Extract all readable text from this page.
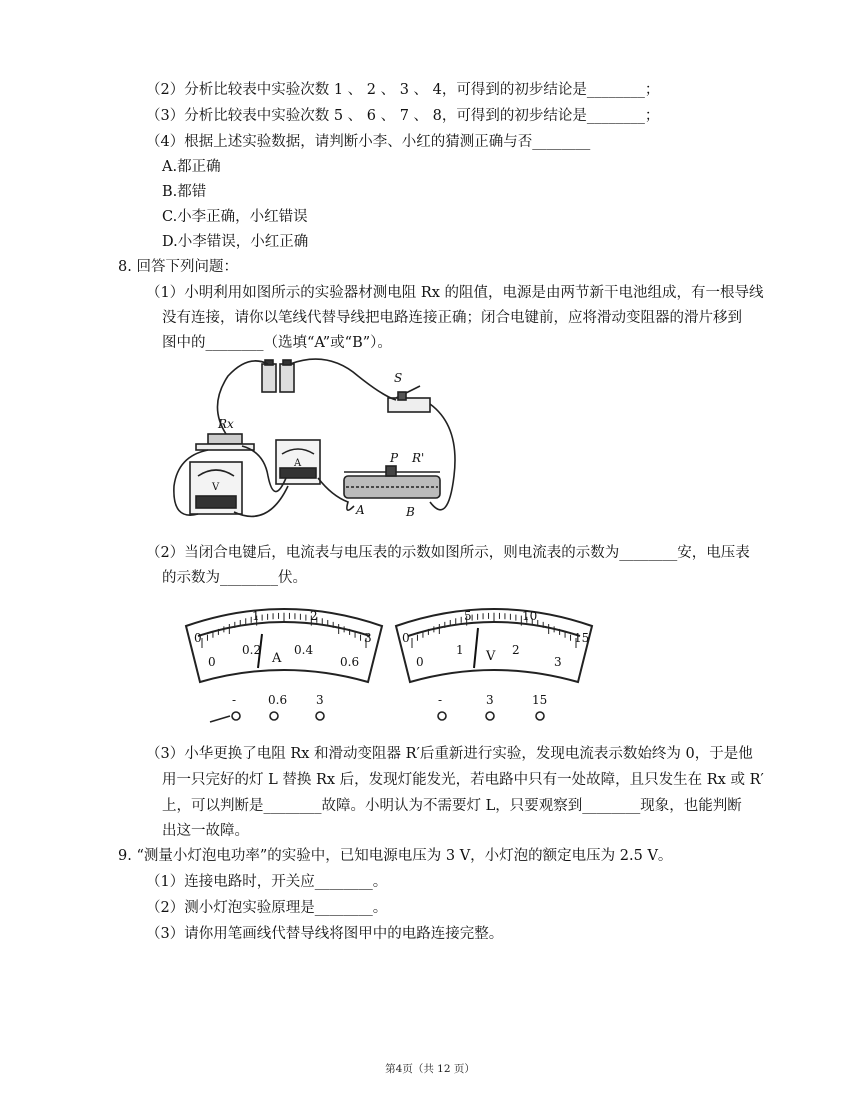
（2）分析比较表中实验次数 1 、 2 、 3 、 4，可得到的初步结论是________；
（3）分析比较表中实验次数 5 、 6 、 7 、 8，可得到的初步结论是________；
（4）根据上述实验数据，请判断小李、小红的猜测正确与否________
A.都正确
B.都错
C.小李正确，小红错误
D.小李错误，小红正确
8. 回答下列问题：
（1）小明利用如图所示的实验器材测电阻 Rx 的阻值，电源是由两节新干电池组成，有一根导线
没有连接，请你以笔线代替导线把电路连接正确；闭合电键前，应将滑动变阻器的滑片移到
图中的________（选填“A”或“B”）。
S
Rx
P R'
A	B
A
V
（2）当闭合电键后，电流表与电压表的示数如图所示，则电流表的示数为________安，电压表
的示数为________伏。
0
1	2
3
0
0.2	0.4
0.6
A
0
5	10
15
0
1	2
3
V
-	0.6 3	-	3	15
（3）小华更换了电阻 Rx 和滑动变阻器 R′后重新进行实验，发现电流表示数始终为 0，于是他
用一只完好的灯 L 替换 Rx 后，发现灯能发光，若电路中只有一处故障，且只发生在 Rx 或 R′
上，可以判断是________故障。小明认为不需要灯 L，只要观察到________现象，也能判断
出这一故障。
9. “测量小灯泡电功率”的实验中，已知电源电压为 3 V，小灯泡的额定电压为 2.5 V。
（1）连接电路时，开关应________。
（2）测小灯泡实验原理是________。
（3）请你用笔画线代替导线将图甲中的电路连接完整。
第4页（共 12 页）
